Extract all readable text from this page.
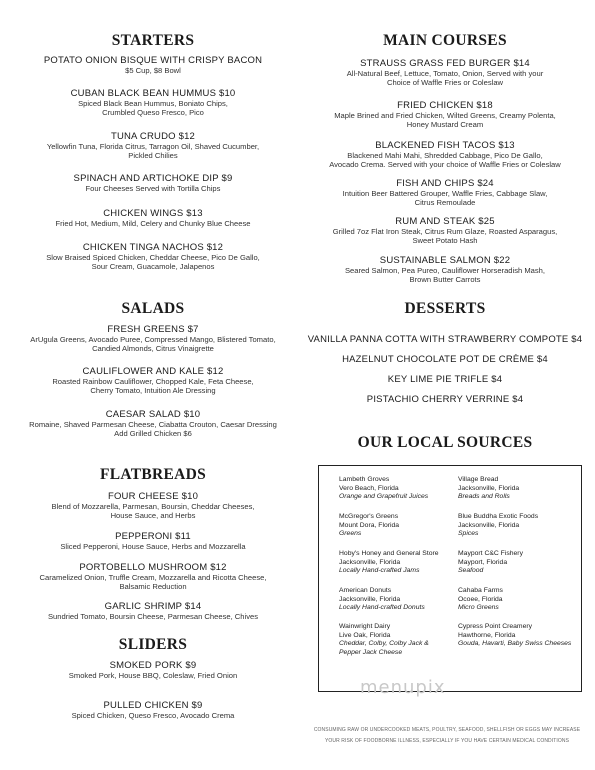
STARTERS
POTATO ONION BISQUE WITH CRISPY BACON
$5 Cup, $8 Bowl
CUBAN BLACK BEAN HUMMUS $10
Spiced Black Bean Hummus, Boniato Chips,
Crumbled Queso Fresco, Pico
TUNA CRUDO $12
Yellowfin Tuna, Florida Citrus, Tarragon Oil, Shaved Cucumber,
Pickled Chilies
SPINACH AND ARTICHOKE DIP $9
Four Cheeses Served with Tortilla Chips
CHICKEN WINGS $13
Fried Hot, Medium, Mild, Celery and Chunky Blue Cheese
CHICKEN TINGA NACHOS $12
Slow Braised Spiced Chicken, Cheddar Cheese, Pico De Gallo,
Sour Cream, Guacamole, Jalapenos
SALADS
FRESH GREENS $7
ArUgula Greens, Avocado Puree, Compressed Mango, Blistered Tomato,
Candied Almonds, Citrus Vinaigrette
CAULIFLOWER AND KALE $12
Roasted Rainbow Cauliflower, Chopped Kale, Feta Cheese,
Cherry Tomato, Intuition Ale Dressing
CAESAR SALAD $10
Romaine, Shaved Parmesan Cheese, Ciabatta Crouton, Caesar Dressing
Add Grilled Chicken $6
FLATBREADS
FOUR CHEESE $10
Blend of Mozzarella, Parmesan, Boursin, Cheddar Cheeses,
House Sauce, and Herbs
PEPPERONI $11
Sliced Pepperoni, House Sauce, Herbs and Mozzarella
PORTOBELLO MUSHROOM $12
Caramelized Onion, Truffle Cream, Mozzarella and Ricotta Cheese,
Balsamic Reduction
GARLIC SHRIMP $14
Sundried Tomato, Boursin Cheese, Parmesan Cheese, Chives
SLIDERS
SMOKED PORK $9
Smoked Pork, House BBQ, Coleslaw, Fried Onion
PULLED CHICKEN $9
Spiced Chicken, Queso Fresco, Avocado Crema
MAIN COURSES
STRAUSS GRASS FED BURGER $14
All-Natural Beef, Lettuce, Tomato, Onion, Served with your
Choice of Waffle Fries or Coleslaw
FRIED CHICKEN $18
Maple Brined and Fried Chicken, Wilted Greens, Creamy Polenta,
Honey Mustard Cream
BLACKENED FISH TACOS $13
Blackened Mahi Mahi, Shredded Cabbage, Pico De Gallo,
Avocado Crema. Served with your choice of Waffle Fries or Coleslaw
FISH AND CHIPS $24
Intuition Beer Battered Grouper, Waffle Fries, Cabbage Slaw,
Citrus Remoulade
RUM AND STEAK $25
Grilled 7oz Flat Iron Steak, Citrus Rum Glaze, Roasted Asparagus,
Sweet Potato Hash
SUSTAINABLE SALMON $22
Seared Salmon, Pea Pureo, Cauliflower Horseradish Mash,
Brown Butter Carrots
DESSERTS
VANILLA PANNA COTTA WITH STRAWBERRY COMPOTE $4
HAZELNUT CHOCOLATE POT DE CRÈME $4
KEY LIME PIE TRIFLE $4
PISTACHIO CHERRY VERRINE $4
OUR LOCAL SOURCES
Lambeth Groves
Vero Beach, Florida
Orange and Grapefruit Juices
McGregor's Greens
Mount Dora, Florida
Greens
Hoby's Honey and General Store
Jacksonville, Florida
Locally Hand-crafted Jams
American Donuts
Jacksonville, Florida
Locally Hand-crafted Donuts
Wainwright Dairy
Live Oak, Florida
Cheddar, Colby, Colby Jack &
Pepper Jack Cheese
Village Bread
Jacksonville, Florida
Breads and Rolls
Blue Buddha Exotic Foods
Jacksonville, Florida
Spices
Mayport C&C Fishery
Mayport, Florida
Seafood
Cahaba Farms
Ocoee, Florida
Micro Greens
Cypress Point Creamery
Hawthorne, Florida
Gouda, Havarti, Baby Swiss Cheeses
menupix
CONSUMING RAW OR UNDERCOOKED MEATS, POULTRY, SEAFOOD, SHELLFISH OR EGGS MAY INCREASE
YOUR RISK OF FOODBORNE ILLNESS, ESPECIALLY IF YOU HAVE CERTAIN MEDICAL CONDITIONS
